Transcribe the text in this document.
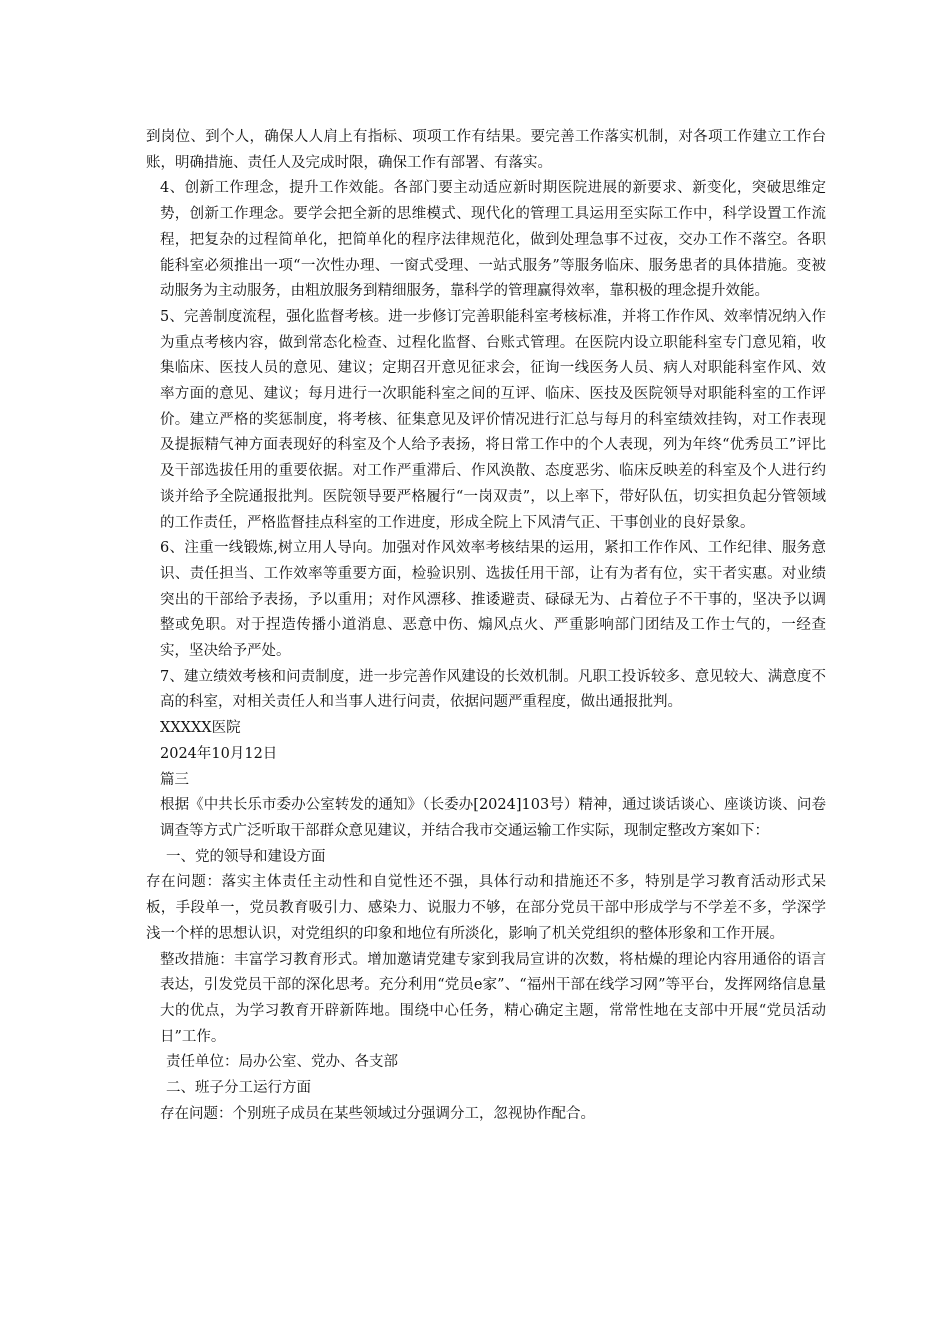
到岗位、到个人，确保人人肩上有指标、项项工作有结果。要完善工作落实机制，对各项工作建立工作台账，明确措施、责任人及完成时限，确保工作有部署、有落实。

4、创新工作理念，提升工作效能。各部门要主动适应新时期医院进展的新要求、新变化，突破思维定势，创新工作理念。要学会把全新的思维模式、现代化的管理工具运用至实际工作中，科学设置工作流程，把复杂的过程简单化，把简单化的程序法律规范化，做到处理急事不过夜，交办工作不落空。各职能科室必须推出一项“一次性办理、一窗式受理、一站式服务”等服务临床、服务患者的具体措施。变被动服务为主动服务，由粗放服务到精细服务，靠科学的管理赢得效率，靠积极的理念提升效能。

5、完善制度流程，强化监督考核。进一步修订完善职能科室考核标准，并将工作作风、效率情况纳入作为重点考核内容，做到常态化检查、过程化监督、台账式管理。在医院内设立职能科室专门意见箱，收集临床、医技人员的意见、建议；定期召开意见征求会，征询一线医务人员、病人对职能科室作风、效率方面的意见、建议；每月进行一次职能科室之间的互评、临床、医技及医院领导对职能科室的工作评价。建立严格的奖惩制度，将考核、征集意见及评价情况进行汇总与每月的科室绩效挂钩，对工作表现及提振精气神方面表现好的科室及个人给予表扬，将日常工作中的个人表现，列为年终“优秀员工”评比及干部选拔任用的重要依据。对工作严重滞后、作风涣散、态度恶劣、临床反映差的科室及个人进行约谈并给予全院通报批判。医院领导要严格履行“一岗双责”，以上率下，带好队伍，切实担负起分管领域的工作责任，严格监督挂点科室的工作进度，形成全院上下风清气正、干事创业的良好景象。

6、注重一线锻炼,树立用人导向。加强对作风效率考核结果的运用，紧扣工作作风、工作纪律、服务意识、责任担当、工作效率等重要方面，检验识别、选拔任用干部，让有为者有位，实干者实惠。对业绩突出的干部给予表扬，予以重用；对作风漂移、推诿避责、碌碌无为、占着位子不干事的，坚决予以调整或免职。对于捏造传播小道消息、恶意中伤、煽风点火、严重影响部门团结及工作士气的，一经查实，坚决给予严处。

7、建立绩效考核和问责制度，进一步完善作风建设的长效机制。凡职工投诉较多、意见较大、满意度不高的科室，对相关责任人和当事人进行问责，依据问题严重程度，做出通报批判。

XXXXX医院

2024年10月12日

篇三

根据《中共长乐市委办公室转发的通知》（长委办[2024]103号）精神，通过谈话谈心、座谈访谈、问卷调查等方式广泛听取干部群众意见建议，并结合我市交通运输工作实际，现制定整改方案如下：

一、党的领导和建设方面

存在问题：落实主体责任主动性和自觉性还不强，具体行动和措施还不多，特别是学习教育活动形式呆板，手段单一，党员教育吸引力、感染力、说服力不够，在部分党员干部中形成学与不学差不多，学深学浅一个样的思想认识，对党组织的印象和地位有所淡化，影响了机关党组织的整体形象和工作开展。

整改措施：丰富学习教育形式。增加邀请党建专家到我局宣讲的次数，将枯燥的理论内容用通俗的语言表达，引发党员干部的深化思考。充分利用“党员e家”、“福州干部在线学习网”等平台，发挥网络信息量大的优点，为学习教育开辟新阵地。围绕中心任务，精心确定主题，常常性地在支部中开展“党员活动日”工作。

责任单位：局办公室、党办、各支部

二、班子分工运行方面

存在问题：个别班子成员在某些领域过分强调分工，忽视协作配合。
